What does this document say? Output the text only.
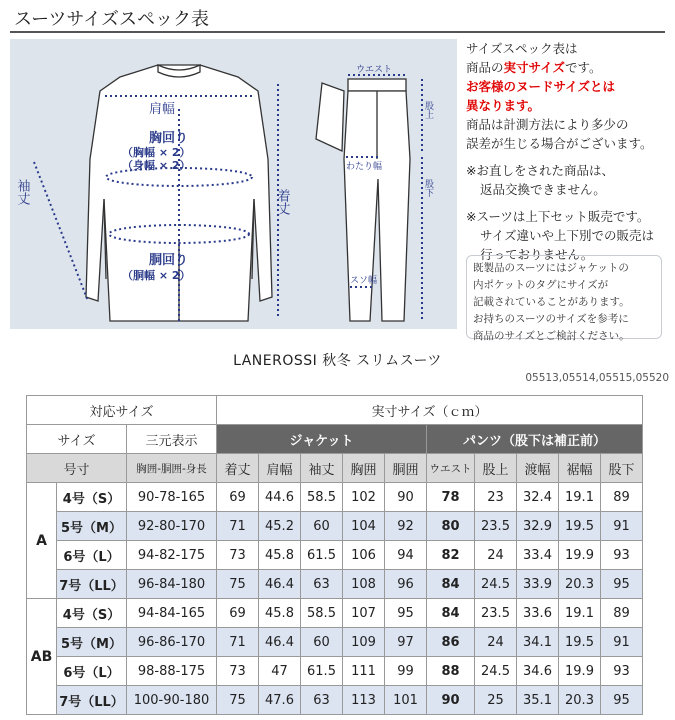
スーツサイズスペック表
肩幅
胸回り
（胸幅 × 2）
（身幅 × 2）
胴回り
（胴幅 × 2）
袖丈	着丈
ウエスト
股上
わたり幅
股下
スソ幅

サイズスペック表は

商品の実寸サイズです。

お客様のヌードサイズとは

異なります。

商品は計測方法により多少の

誤差が生じる場合がございます。

※お直しをされた商品は、

返品交換できません。

※スーツは上下セット販売です。

サイズ違いや上下別での販売は

行っておりません。

既製品のスーツにはジャケットの
内ポケットのタグにサイズが
記載されていることがあります。
お持ちのスーツのサイズを参考に
商品のサイズとご検討ください。
LANEROSSI 秋冬 スリムスーツ
05513,05514,05515,05520
対応サイズ			実寸サイズ（ｃｍ）									
サイズ		三元表示	ジャケット					パンツ（股下は補正前）				
号寸		胸囲-胴囲-身長	着丈	肩幅	袖丈	胸囲	胴囲	ウエスト	股上	渡幅	裾幅	股下
A	4号（S）	90-78-165	69	44.6	58.5	102	90	78	23	32.4	19.1	89
	5号（M）	92-80-170	71	45.2	60	104	92	80	23.5	32.9	19.5	91
	6号（L）	94-82-175	73	45.8	61.5	106	94	82	24	33.4	19.9	93
	7号（LL）	96-84-180	75	46.4	63	108	96	84	24.5	33.9	20.3	95
AB	4号（S）	94-84-165	69	45.8	58.5	107	95	84	23.5	33.6	19.1	89
	5号（M）	96-86-170	71	46.4	60	109	97	86	24	34.1	19.5	91
	6号（L）	98-88-175	73	47	61.5	111	99	88	24.5	34.6	19.9	93
	7号（LL）	100-90-180	75	47.6	63	113	101	90	25	35.1	20.3	95
